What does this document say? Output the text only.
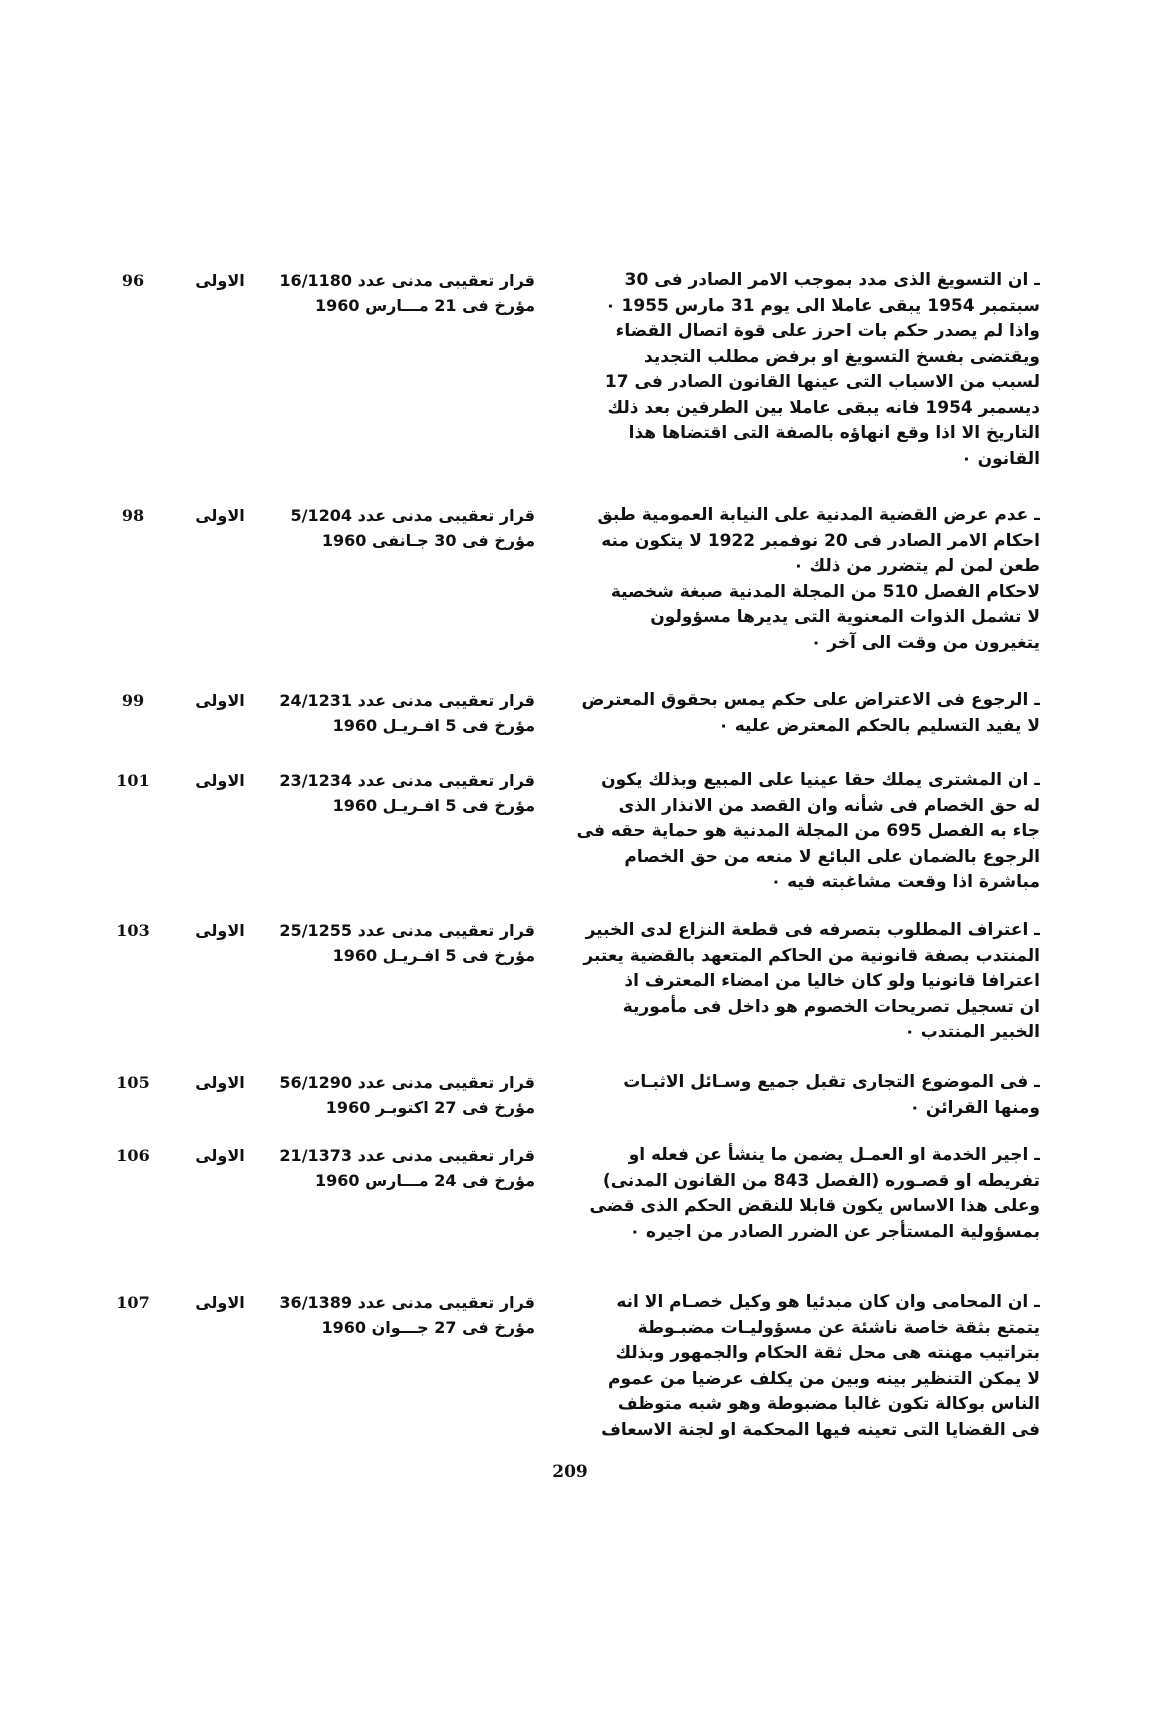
ـ ان التسويغ الذى مدد بموجب الامر الصادر فى 30
سبتمبر 1954 يبقى عاملا الى يوم 31 مارس 1955 ٠
واذا لم يصدر حكم بات احرز على قوة اتصال القضاء
ويقتضى بفسخ التسويغ او برفض مطلب التجديد
لسبب من الاسباب التى عينها القانون الصادر فى 17
ديسمبر 1954 فانه يبقى عاملا بين الطرفين بعد ذلك
التاريخ الا اذا وقع انهاؤه بالصفة التى اقتضاها هذا
القانون ٠
قرار تعقيبى مدنى عدد 16/1180
مؤرخ فى 21 مـــارس 1960
الاولى
96
ـ عدم عرض القضية المدنية على النيابة العمومية طبق
احكام الامر الصادر فى 20 نوفمبر 1922 لا يتكون منه
طعن لمن لم يتضرر من ذلك ٠
لاحكام الفصل 510 من المجلة المدنية صبغة شخصية
لا تشمل الذوات المعنوية التى يديرها مسؤولون
يتغيرون من وقت الى آخر ٠
قرار تعقيبى مدنى عدد 5/1204
مؤرخ فى 30 جـانفى 1960
الاولى
98
ـ الرجوع فى الاعتراض على حكم يمس بحقوق المعترض
لا يفيد التسليم بالحكم المعترض عليه ٠
قرار تعقيبى مدنى عدد 24/1231
مؤرخ فى 5 افـريـل 1960
الاولى
99
ـ ان المشترى يملك حقا عينيا على المبيع وبذلك يكون
له حق الخصام فى شأنه وان القصد من الانذار الذى
جاء به الفصل 695 من المجلة المدنية هو حماية حقه فى
الرجوع بالضمان على البائع لا منعه من حق الخصام
مباشرة اذا وقعت مشاغبته فيه ٠
قرار تعقيبى مدنى عدد 23/1234
مؤرخ فى 5 افـريـل 1960
الاولى
101
ـ اعتراف المطلوب بتصرفه فى قطعة النزاع لدى الخبير
المنتدب بصفة قانونية من الحاكم المتعهد بالقضية يعتبر
اعترافا قانونيا ولو كان خاليا من امضاء المعترف اذ
ان تسجيل تصريحات الخصوم هو داخل فى مأمورية
الخبير المنتدب ٠
قرار تعقيبى مدنى عدد 25/1255
مؤرخ فى 5 افـريـل 1960
الاولى
103
ـ فى الموضوع التجارى تقبل جميع وسـائل الاثبـات
ومنها القرائن ٠
قرار تعقيبى مدنى عدد 56/1290
مؤرخ فى 27 اكتوبـر 1960
الاولى
105
ـ اجير الخدمة او العمـل يضمن ما ينشأ عن فعله او
تفريطه او قصـوره (الفصل 843 من القانون المدنى)
وعلى هذا الاساس يكون قابلا للنقض الحكم الذى قضى
بمسؤولية المستأجر عن الضرر الصادر من اجيره ٠
قرار تعقيبى مدنى عدد 21/1373
مؤرخ فى 24 مـــارس 1960
الاولى
106
ـ ان المحامى وان كان مبدئيا هو وكيل خصـام الا انه
يتمتع بثقة خاصة ناشئة عن مسؤوليـات مضبـوطة
بتراتيب مهنته هى محل ثقة الحكام والجمهور وبذلك
لا يمكن التنظير بينه وبين من يكلف عرضيا من عموم
الناس بوكالة تكون غالبا مضبوطة وهو شبه متوظف
فى القضايا التى تعينه فيها المحكمة او لجنة الاسعاف
قرار تعقيبى مدنى عدد 36/1389
مؤرخ فى 27 جـــوان 1960
الاولى
107
209
